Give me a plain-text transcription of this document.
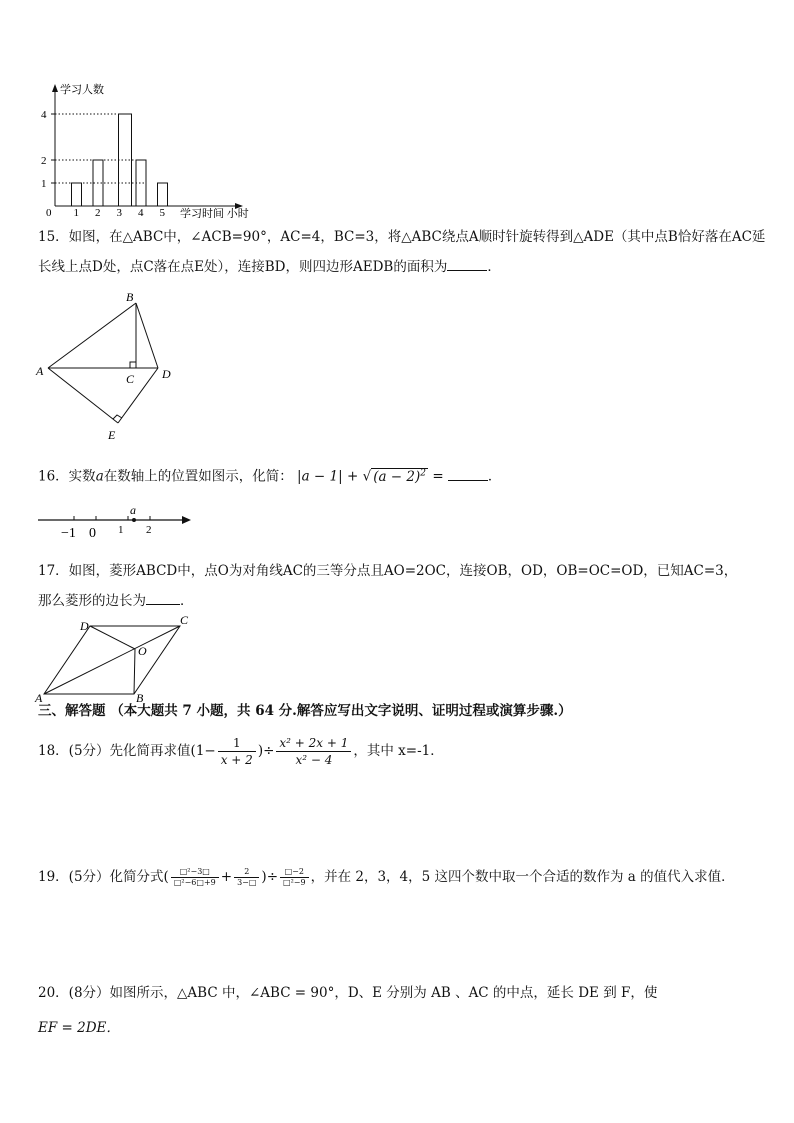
学习人数
学习时间 小时
0
1
2
4
1 2 3 4 5
15．如图，在△ABC中，∠ACB=90°，AC=4，BC=3，将△ABC绕点A顺时针旋转得到△ADE（其中点B恰好落在AC延
长线上点D处，点C落在点E处），连接BD，则四边形AEDB的面积为	．
A
B
C D
E
16．实数a在数轴上的位置如图示，化简： |a − 1| + √ $(a - 2)^2$ =	．
a
−1 0 1 2
17．如图，菱形ABCD中，点O为对角线AC的三等分点且AO=2OC，连接OB，OD，OB=OC=OD，已知AC=3，
那么菱形的边长为	．
A	B
C
D
O
三、解答题 （本大题共 7 小题，共 64 分.解答应写出文字说明、证明过程或演算步骤.）
18．(5分）先化简再求值($1- \frac{1}{x + 2}$ )÷ $\frac{\text{x² + 2x + 1}}{\text{x² − 4}}$ ，其中 x=-1．
19．(5分）化简分式( $\frac{\text{□²−3□}}{\text{□²−6□+9}} + \frac{2}{3-□}$ )÷ $\frac{□-2}{\text{□²−9}}$ ，并在 2，3，4，5 这四个数中取一个合适的数作为 a 的值代入求值．
20．(8分）如图所示，△ABC 中，∠ABC = 90°，D、E 分别为 AB 、AC 的中点，延长 DE 到 F，使
EF = 2DE．
